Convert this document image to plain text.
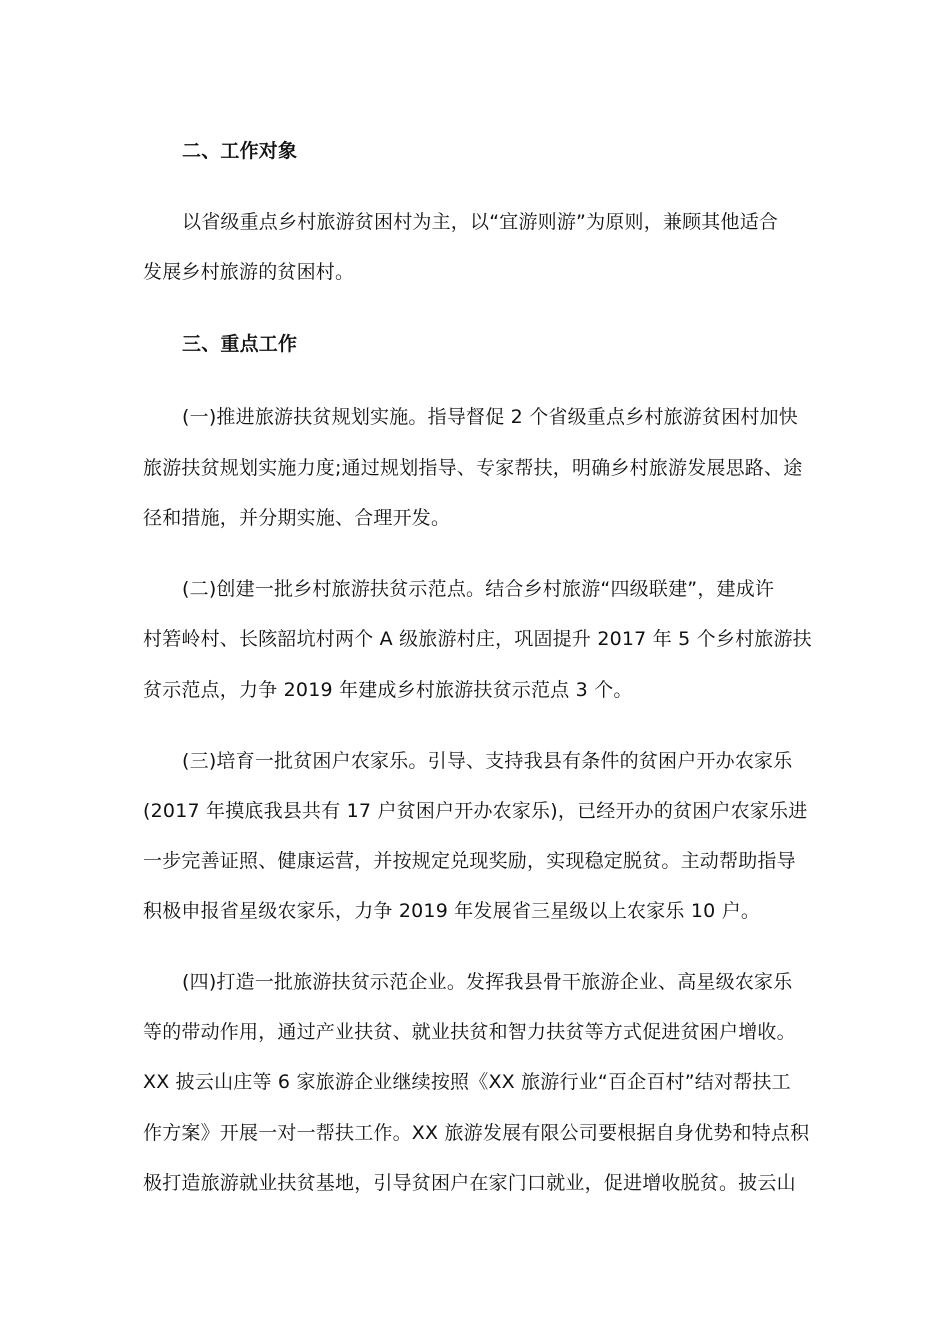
二、工作对象
以省级重点乡村旅游贫困村为主，以“宜游则游”为原则，兼顾其他适合
发展乡村旅游的贫困村。
三、重点工作
(一)推进旅游扶贫规划实施。指导督促 2 个省级重点乡村旅游贫困村加快
旅游扶贫规划实施力度;通过规划指导、专家帮扶，明确乡村旅游发展思路、途
径和措施，并分期实施、合理开发。
(二)创建一批乡村旅游扶贫示范点。结合乡村旅游“四级联建”，建成许
村箬岭村、长陔韶坑村两个 A 级旅游村庄，巩固提升 2017 年 5 个乡村旅游扶
贫示范点，力争 2019 年建成乡村旅游扶贫示范点 3 个。
(三)培育一批贫困户农家乐。引导、支持我县有条件的贫困户开办农家乐
(2017 年摸底我县共有 17 户贫困户开办农家乐)，已经开办的贫困户农家乐进
一步完善证照、健康运营，并按规定兑现奖励，实现稳定脱贫。主动帮助指导
积极申报省星级农家乐，力争 2019 年发展省三星级以上农家乐 10 户。
(四)打造一批旅游扶贫示范企业。发挥我县骨干旅游企业、高星级农家乐
等的带动作用，通过产业扶贫、就业扶贫和智力扶贫等方式促进贫困户增收。
XX 披云山庄等 6 家旅游企业继续按照《XX 旅游行业“百企百村”结对帮扶工
作方案》开展一对一帮扶工作。XX 旅游发展有限公司要根据自身优势和特点积
极打造旅游就业扶贫基地，引导贫困户在家门口就业，促进增收脱贫。披云山
